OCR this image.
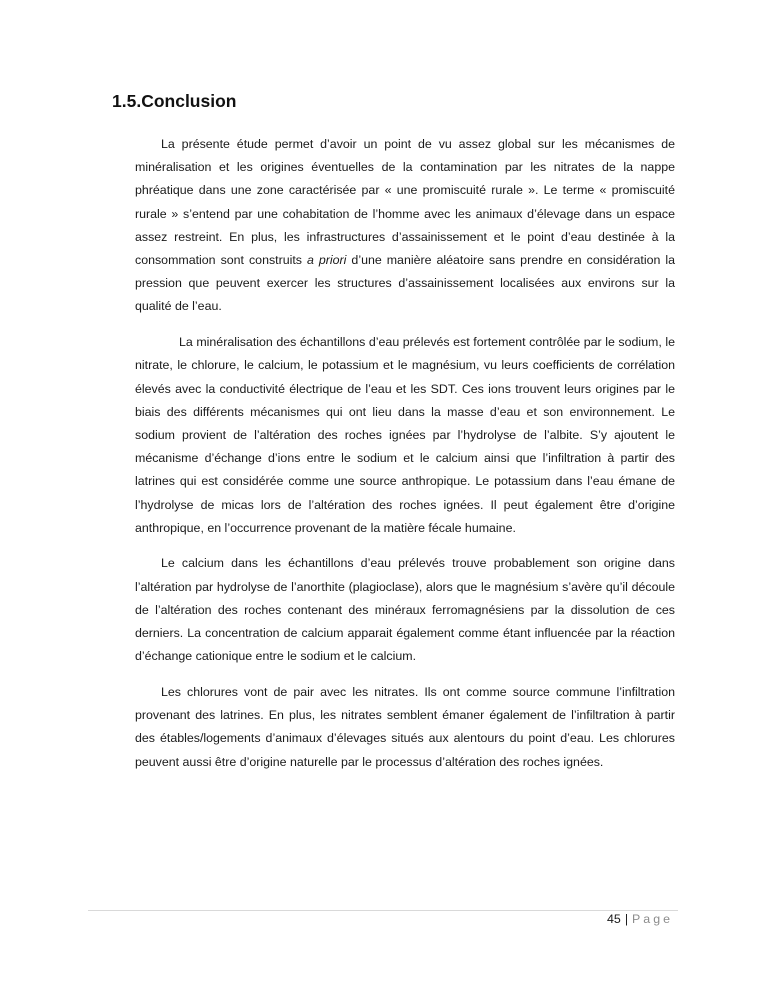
1.5.Conclusion

La présente étude permet d’avoir un point de vu assez global sur les mécanismes de minéralisation et les origines éventuelles de la contamination par les nitrates de la nappe phréatique dans une zone caractérisée par « une promiscuité rurale ». Le terme « promiscuité rurale » s’entend par une cohabitation de l’homme avec les animaux d’élevage dans un espace assez restreint. En plus, les infrastructures d’assainissement et le point d’eau destinée à la consommation sont construits a priori d’une manière aléatoire sans prendre en considération la pression que peuvent exercer les structures d’assainissement localisées aux environs sur la qualité de l’eau.

La minéralisation des échantillons d’eau prélevés est fortement contrôlée par le sodium, le nitrate, le chlorure, le calcium, le potassium et le magnésium, vu leurs coefficients de corrélation élevés avec la conductivité électrique de l’eau et les SDT. Ces ions trouvent leurs origines par le biais des différents mécanismes qui ont lieu dans la masse d’eau et son environnement. Le sodium provient de l’altération des roches ignées par l’hydrolyse de l’albite. S’y ajoutent le mécanisme d’échange d’ions entre le sodium et le calcium ainsi que l’infiltration à partir des latrines qui est considérée comme une source anthropique. Le potassium dans l’eau émane de l’hydrolyse de micas lors de l’altération des roches ignées. Il peut également être d’origine anthropique, en l’occurrence provenant de la matière fécale humaine.

Le calcium dans les échantillons d’eau prélevés trouve probablement son origine dans l’altération par hydrolyse de l’anorthite (plagioclase), alors que le magnésium s’avère qu’il découle de l’altération des roches contenant des minéraux ferromagnésiens par la dissolution de ces derniers. La concentration de calcium apparait également comme étant influencée par la réaction d’échange cationique entre le sodium et le calcium.

Les chlorures vont de pair avec les nitrates. Ils ont comme source commune l’infiltration provenant des latrines. En plus, les nitrates semblent émaner également de l’infiltration à partir des étables/logements d’animaux d’élevages situés aux alentours du point d’eau. Les chlorures peuvent aussi être d’origine naturelle par le processus d’altération des roches ignées.

45 | Page
